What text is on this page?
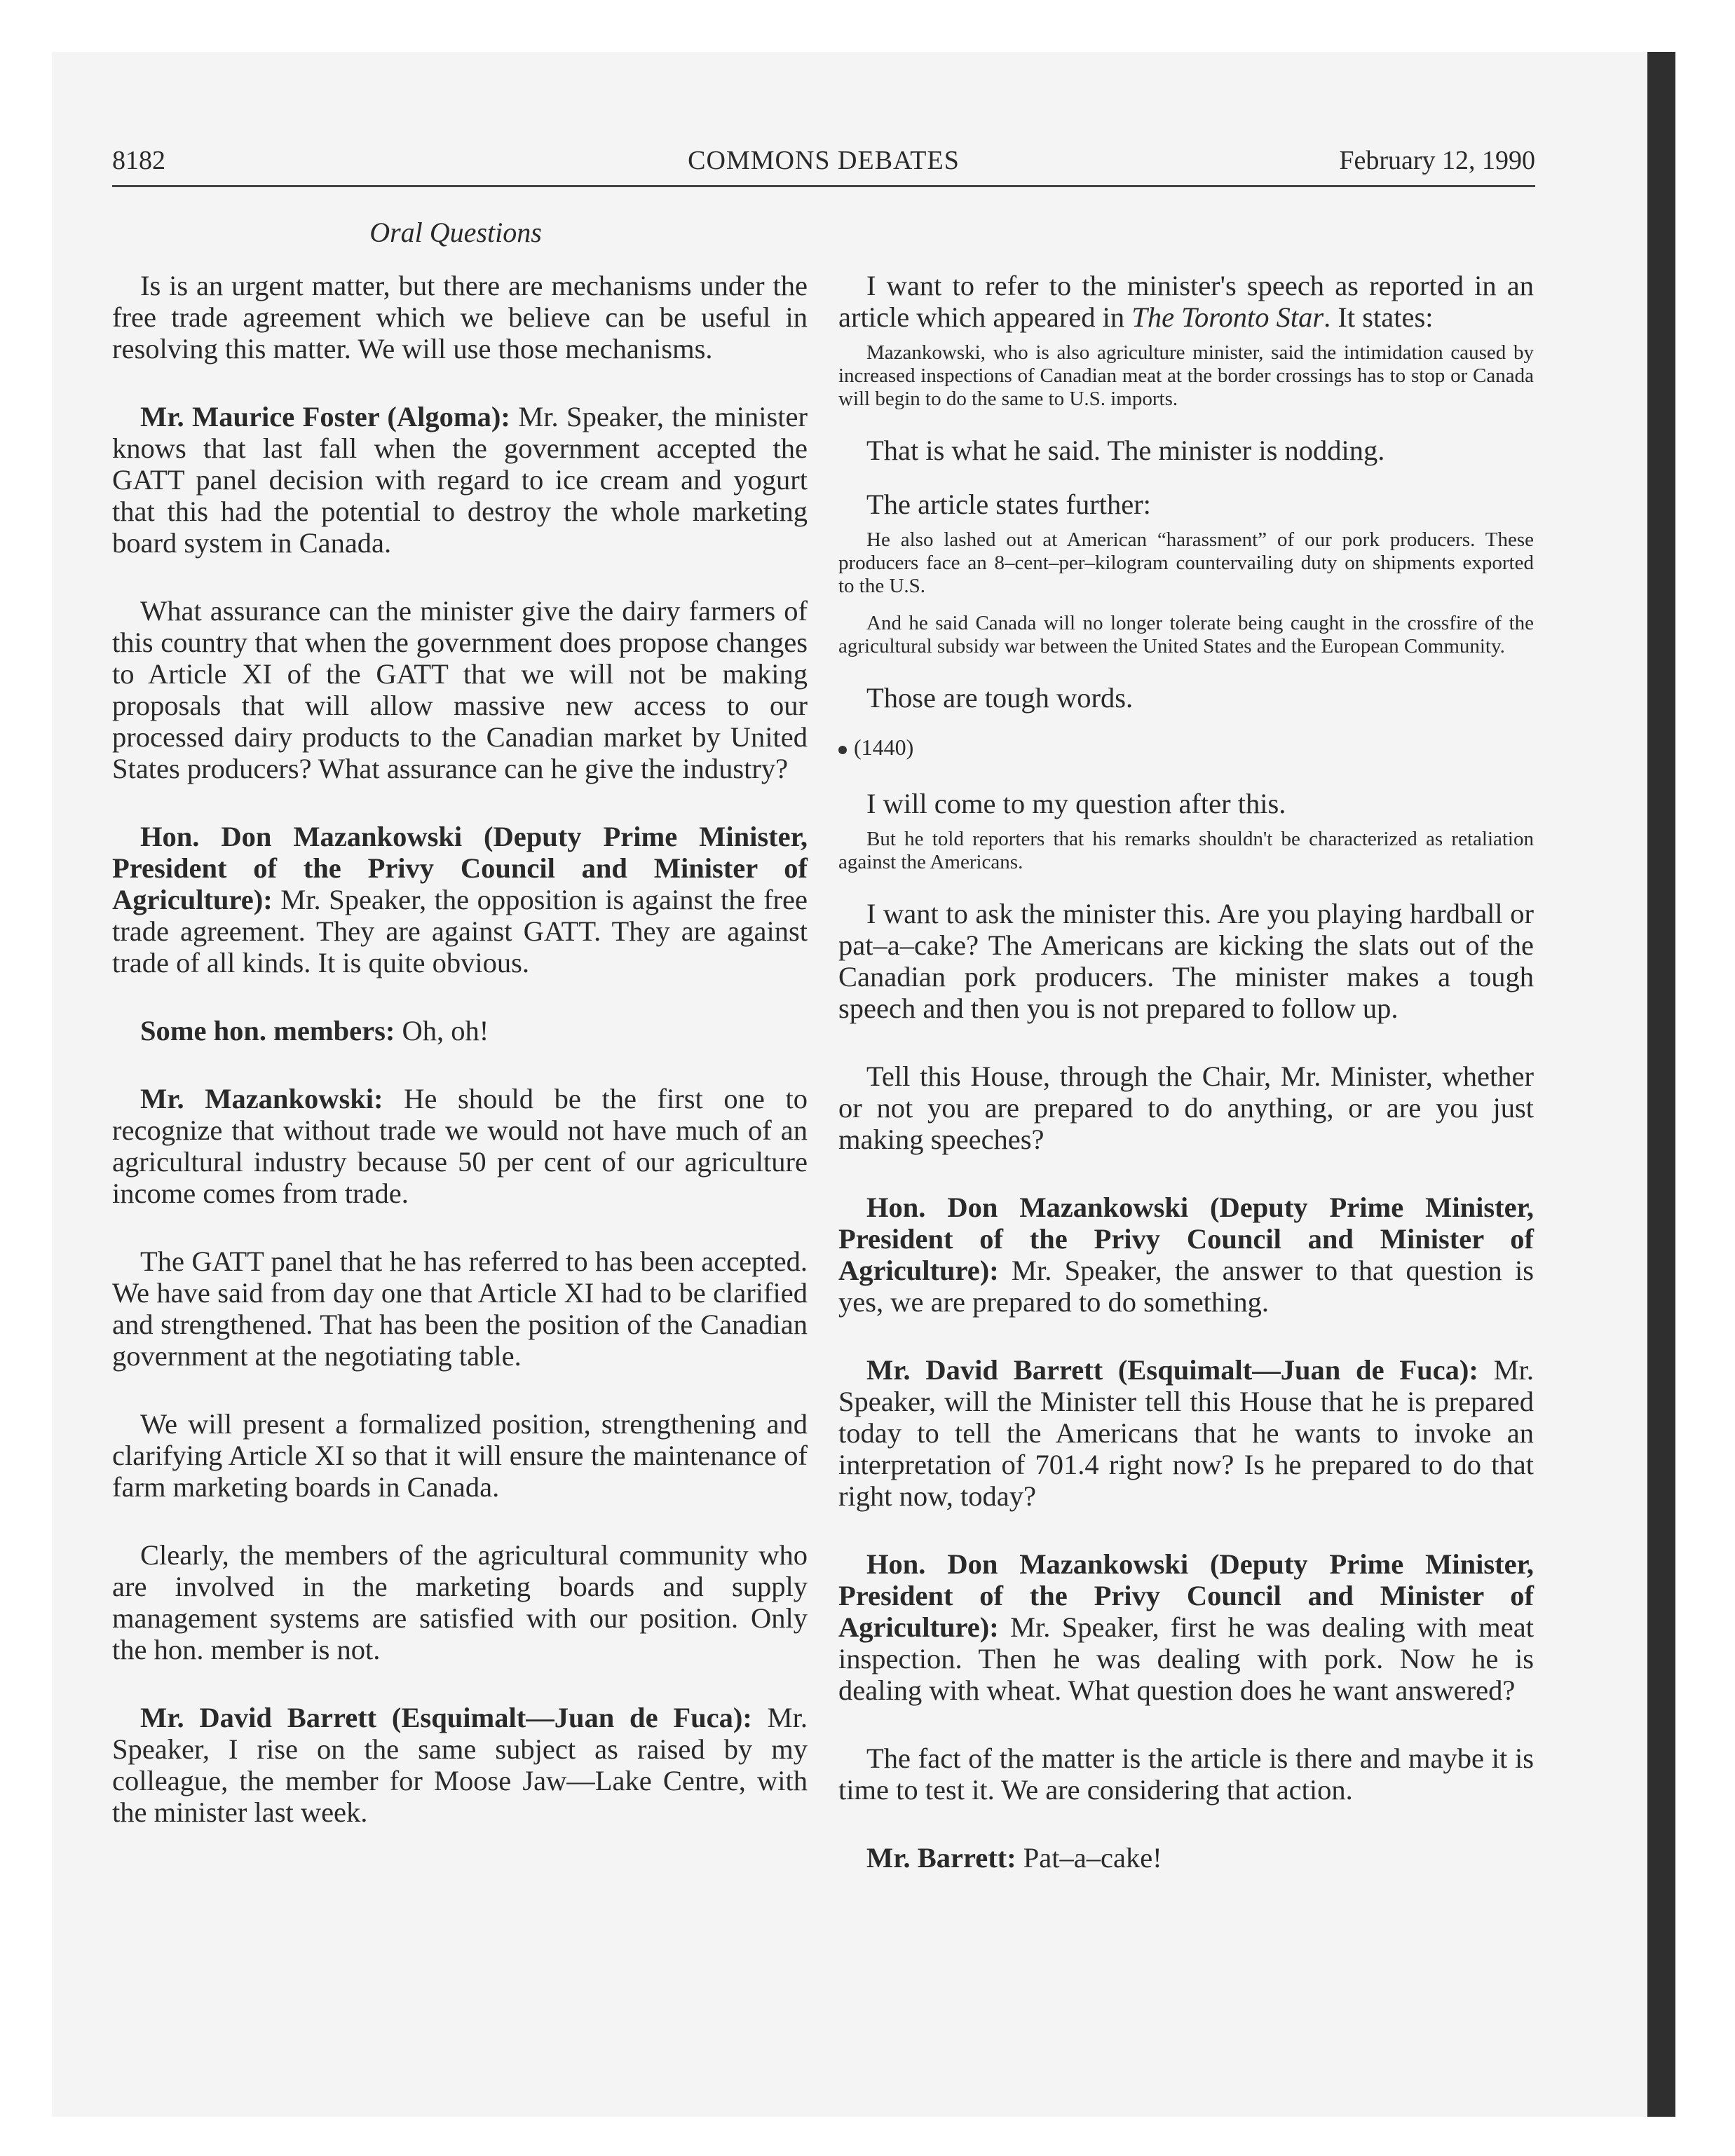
8182	COMMONS DEBATES	February 12, 1990
Oral Questions

Is is an urgent matter, but there are mechanisms under the free trade agreement which we believe can be useful in resolving this matter. We will use those mechanisms.

Mr. Maurice Foster (Algoma): Mr. Speaker, the minister knows that last fall when the government accepted the GATT panel decision with regard to ice cream and yogurt that this had the potential to destroy the whole marketing board system in Canada.

What assurance can the minister give the dairy farmers of this country that when the government does propose changes to Article XI of the GATT that we will not be making proposals that will allow massive new access to our processed dairy products to the Canadian market by United States producers? What assurance can he give the industry?

Hon. Don Mazankowski (Deputy Prime Minister, President of the Privy Council and Minister of Agriculture): Mr. Speaker, the opposition is against the free trade agreement. They are against GATT. They are against trade of all kinds. It is quite obvious.

Some hon. members: Oh, oh!

Mr. Mazankowski: He should be the first one to recognize that without trade we would not have much of an agricultural industry because 50 per cent of our agriculture income comes from trade.

The GATT panel that he has referred to has been accepted. We have said from day one that Article XI had to be clarified and strengthened. That has been the position of the Canadian government at the negotiating table.

We will present a formalized position, strengthening and clarifying Article XI so that it will ensure the maintenance of farm marketing boards in Canada.

Clearly, the members of the agricultural community who are involved in the marketing boards and supply management systems are satisfied with our position. Only the hon. member is not.

Mr. David Barrett (Esquimalt—Juan de Fuca): Mr. Speaker, I rise on the same subject as raised by my colleague, the member for Moose Jaw—Lake Centre, with the minister last week.

I want to refer to the minister's speech as reported in an article which appeared in The Toronto Star. It states:

Mazankowski, who is also agriculture minister, said the intimidation caused by increased inspections of Canadian meat at the border crossings has to stop or Canada will begin to do the same to U.S. imports.

That is what he said. The minister is nodding.

The article states further:

He also lashed out at American “harassment” of our pork producers. These producers face an 8–cent–per–kilogram countervailing duty on shipments exported to the U.S.

And he said Canada will no longer tolerate being caught in the crossfire of the agricultural subsidy war between the United States and the European Community.

Those are tough words.

(1440)

I will come to my question after this.

But he told reporters that his remarks shouldn't be characterized as retaliation against the Americans.

I want to ask the minister this. Are you playing hardball or pat–a–cake? The Americans are kicking the slats out of the Canadian pork producers. The minister makes a tough speech and then you is not prepared to follow up.

Tell this House, through the Chair, Mr. Minister, whether or not you are prepared to do anything, or are you just making speeches?

Hon. Don Mazankowski (Deputy Prime Minister, President of the Privy Council and Minister of Agriculture): Mr. Speaker, the answer to that question is yes, we are prepared to do something.

Mr. David Barrett (Esquimalt—Juan de Fuca): Mr. Speaker, will the Minister tell this House that he is prepared today to tell the Americans that he wants to invoke an interpretation of 701.4 right now? Is he prepared to do that right now, today?

Hon. Don Mazankowski (Deputy Prime Minister, President of the Privy Council and Minister of Agriculture): Mr. Speaker, first he was dealing with meat inspection. Then he was dealing with pork. Now he is dealing with wheat. What question does he want answered?

The fact of the matter is the article is there and maybe it is time to test it. We are considering that action.

Mr. Barrett: Pat–a–cake!
